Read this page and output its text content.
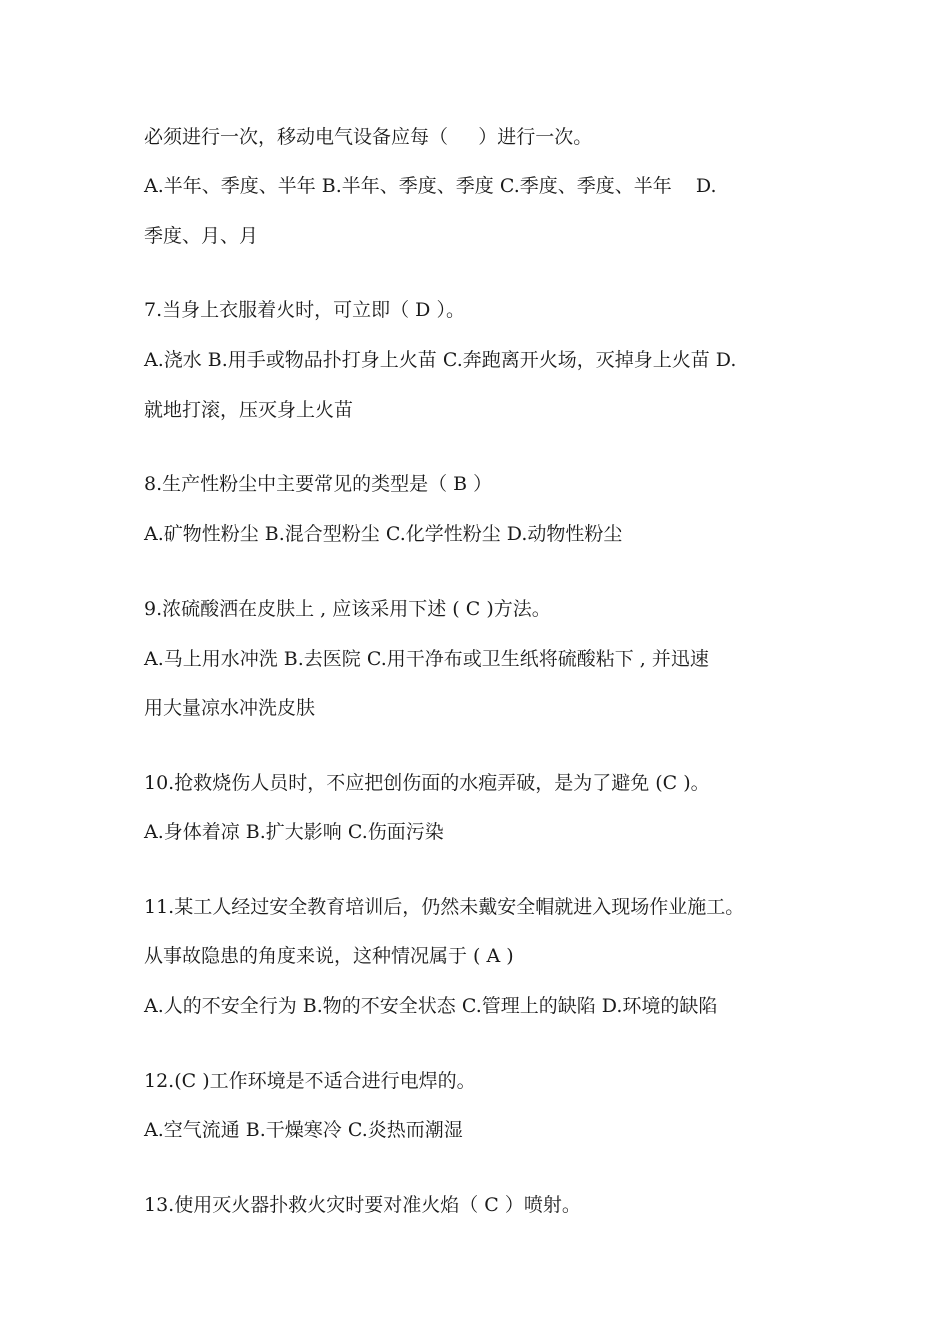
必须进行一次，移动电气设备应每（     ）进行一次。
A.半年、季度、半年 B.半年、季度、季度 C.季度、季度、半年    D.
季度、月、月
7.当身上衣服着火时，可立即（ D ）。
A.浇水 B.用手或物品扑打身上火苗 C.奔跑离开火场，灭掉身上火苗 D.
就地打滚，压灭身上火苗
8.生产性粉尘中主要常见的类型是（ B ）
A.矿物性粉尘 B.混合型粉尘 C.化学性粉尘 D.动物性粉尘
9.浓硫酸洒在皮肤上 , 应该采用下述 ( C )方法。
A.马上用水冲洗 B.去医院 C.用干净布或卫生纸将硫酸粘下 , 并迅速
用大量凉水冲洗皮肤
10.抢救烧伤人员时，不应把创伤面的水疱弄破，是为了避免 (C )。
A.身体着凉 B.扩大影响 C.伤面污染
11.某工人经过安全教育培训后，仍然未戴安全帽就进入现场作业施工。
从事故隐患的角度来说，这种情况属于 ( A )
A.人的不安全行为 B.物的不安全状态 C.管理上的缺陷 D.环境的缺陷
12.(C )工作环境是不适合进行电焊的。
A.空气流通 B.干燥寒冷 C.炎热而潮湿
13.使用灭火器扑救火灾时要对准火焰（ C ）喷射。
